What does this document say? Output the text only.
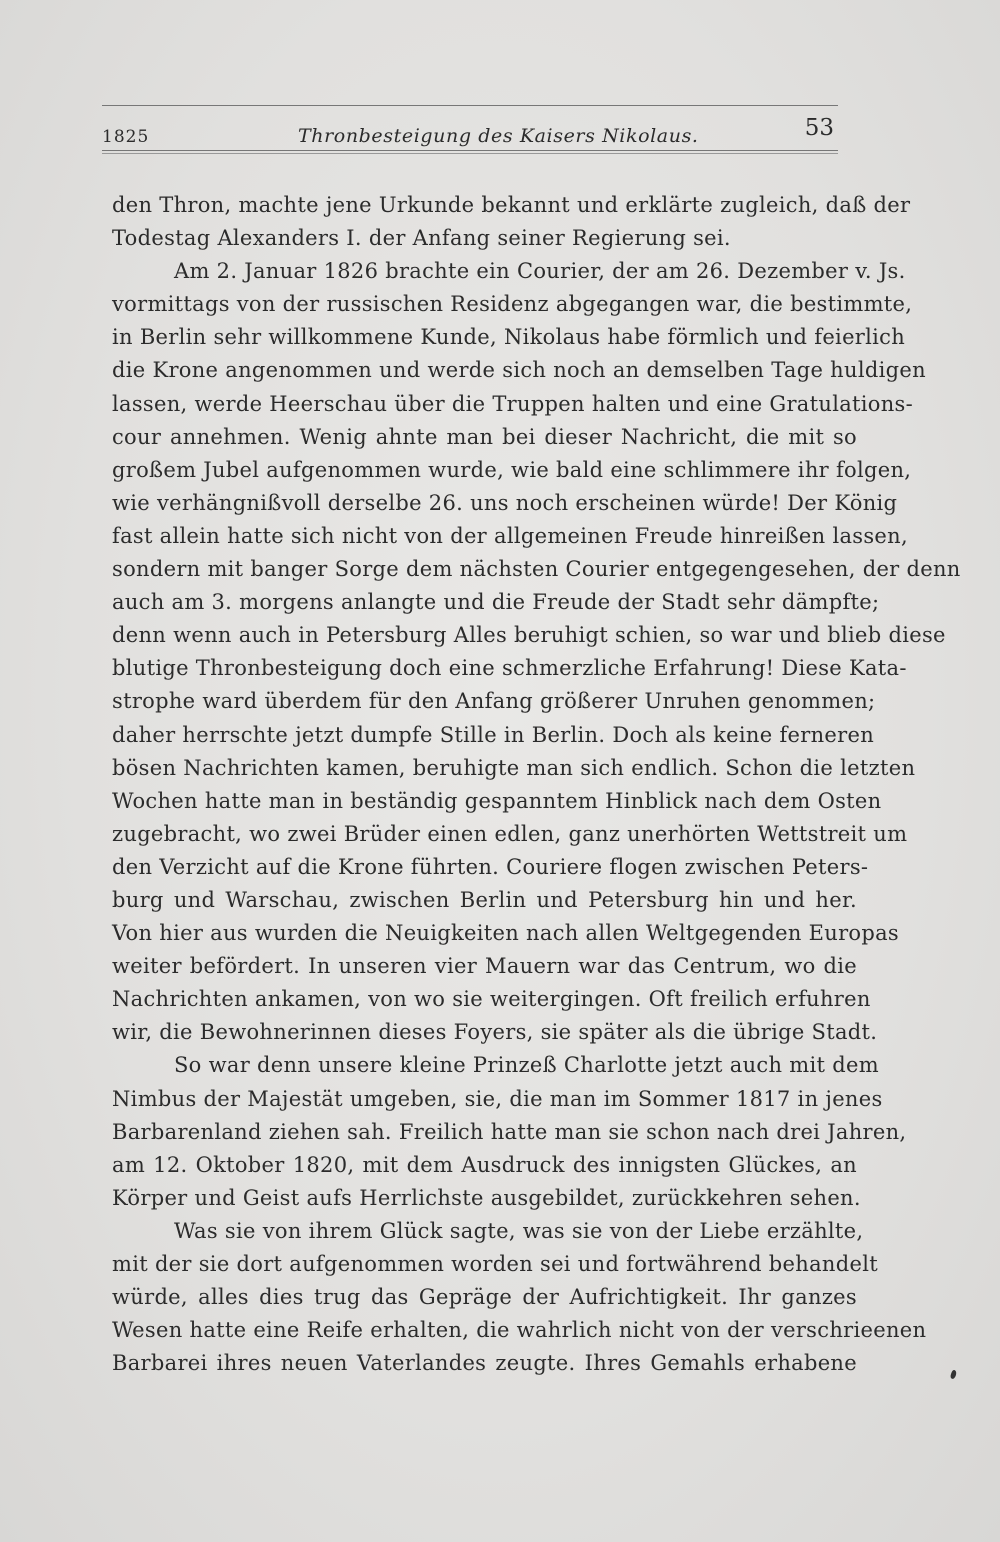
1825	Thronbesteigung des Kaisers Nikolaus.	53
den Thron, machte jene Urkunde bekannt und erklärte zugleich, daß der
Todestag Alexanders I. der Anfang seiner Regierung sei.
Am 2. Januar 1826 brachte ein Courier, der am 26. Dezember v. Js.
vormittags von der russischen Residenz abgegangen war, die bestimmte,
in Berlin sehr willkommene Kunde, Nikolaus habe förmlich und feierlich
die Krone angenommen und werde sich noch an demselben Tage huldigen
lassen, werde Heerschau über die Truppen halten und eine Gratulations-
cour annehmen. Wenig ahnte man bei dieser Nachricht, die mit so
großem Jubel aufgenommen wurde, wie bald eine schlimmere ihr folgen,
wie verhängnißvoll derselbe 26. uns noch erscheinen würde! Der König
fast allein hatte sich nicht von der allgemeinen Freude hinreißen lassen,
sondern mit banger Sorge dem nächsten Courier entgegengesehen, der denn
auch am 3. morgens anlangte und die Freude der Stadt sehr dämpfte;
denn wenn auch in Petersburg Alles beruhigt schien, so war und blieb diese
blutige Thronbesteigung doch eine schmerzliche Erfahrung! Diese Kata-
strophe ward überdem für den Anfang größerer Unruhen genommen;
daher herrschte jetzt dumpfe Stille in Berlin. Doch als keine ferneren
bösen Nachrichten kamen, beruhigte man sich endlich. Schon die letzten
Wochen hatte man in beständig gespanntem Hinblick nach dem Osten
zugebracht, wo zwei Brüder einen edlen, ganz unerhörten Wettstreit um
den Verzicht auf die Krone führten. Couriere flogen zwischen Peters-
burg und Warschau, zwischen Berlin und Petersburg hin und her.
Von hier aus wurden die Neuigkeiten nach allen Weltgegenden Europas
weiter befördert. In unseren vier Mauern war das Centrum, wo die
Nachrichten ankamen, von wo sie weitergingen. Oft freilich erfuhren
wir, die Bewohnerinnen dieses Foyers, sie später als die übrige Stadt.
So war denn unsere kleine Prinzeß Charlotte jetzt auch mit dem
Nimbus der Majestät umgeben, sie, die man im Sommer 1817 in jenes
Barbarenland ziehen sah. Freilich hatte man sie schon nach drei Jahren,
am 12. Oktober 1820, mit dem Ausdruck des innigsten Glückes, an
Körper und Geist aufs Herrlichste ausgebildet, zurückkehren sehen.
Was sie von ihrem Glück sagte, was sie von der Liebe erzählte,
mit der sie dort aufgenommen worden sei und fortwährend behandelt
würde, alles dies trug das Gepräge der Aufrichtigkeit. Ihr ganzes
Wesen hatte eine Reife erhalten, die wahrlich nicht von der verschrieenen
Barbarei ihres neuen Vaterlandes zeugte. Ihres Gemahls erhabene
